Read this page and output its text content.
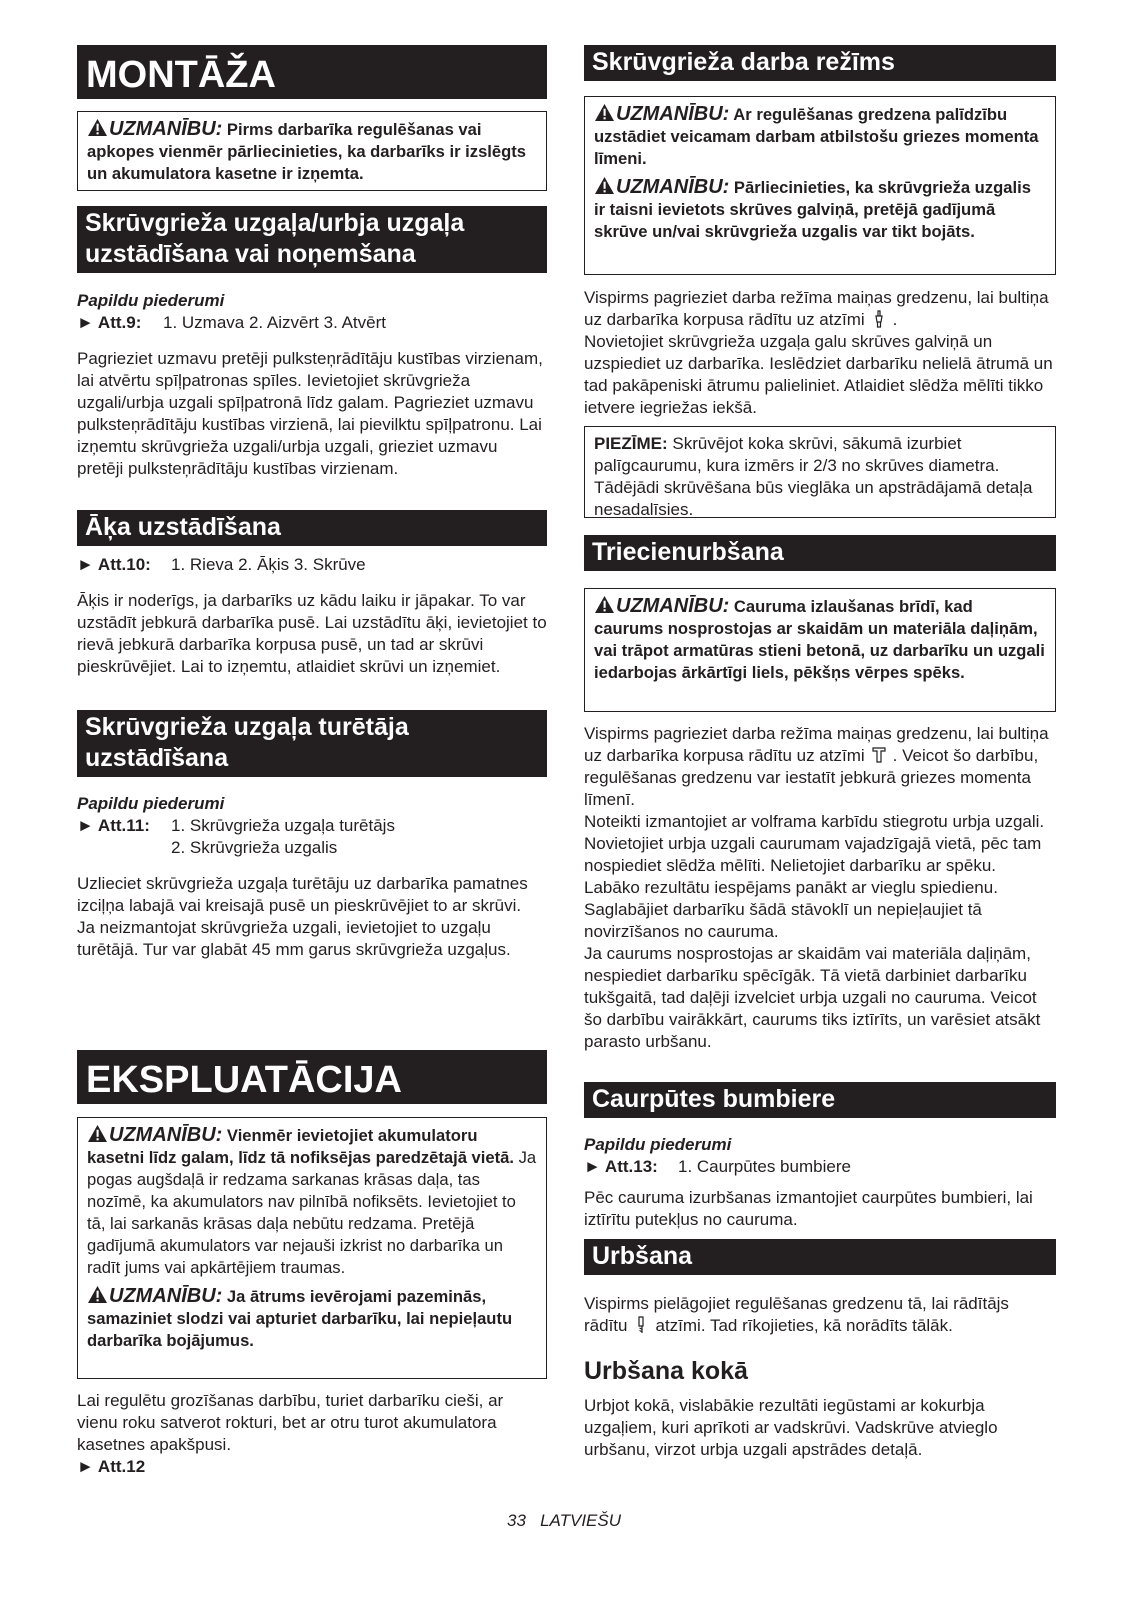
MONTĀŽA
UZMANĪBU: Pirms darbarīka regulēšanas vai apkopes vienmēr pārliecinieties, ka darbarīks ir izslēgts un akumulatora kasetne ir izņemta.
Skrūvgrieža uzgaļa/urbja uzgaļa uzstādīšana vai noņemšana

Papildu piederumi

► Att.9: 1. Uzmava 2. Aizvērt 3. Atvērt

Pagrieziet uzmavu pretēji pulksteņrādītāju kustības virzienam, lai atvērtu spīļpatronas spīles. Ievietojiet skrūvgrieža uzgali/urbja uzgali spīļpatronā līdz galam. Pagrieziet uzmavu pulksteņrādītāju kustības virzienā, lai pievilktu spīļpatronu. Lai izņemtu skrūvgrieža uzgali/urbja uzgali, grieziet uzmavu pretēji pulksteņrādītāju kustības virzienam.

Āķa uzstādīšana

► Att.10: 1. Rieva 2. Āķis 3. Skrūve

Āķis ir noderīgs, ja darbarīks uz kādu laiku ir jāpakar. To var uzstādīt jebkurā darbarīka pusē. Lai uzstādītu āķi, ievietojiet to rievā jebkurā darbarīka korpusa pusē, un tad ar skrūvi pieskrūvējiet. Lai to izņemtu, atlaidiet skrūvi un izņemiet.

Skrūvgrieža uzgaļa turētāja uzstādīšana

Papildu piederumi

► Att.11: 1. Skrūvgrieža uzgaļa turētājs

2. Skrūvgrieža uzgalis

Uzlieciet skrūvgrieža uzgaļa turētāju uz darbarīka pamatnes izciļņa labajā vai kreisajā pusē un pieskrūvējiet to ar skrūvi.

Ja neizmantojat skrūvgrieža uzgali, ievietojiet to uzgaļu turētājā. Tur var glabāt 45 mm garus skrūvgrieža uzgaļus.

EKSPLUATĀCIJA

UZMANĪBU: Vienmēr ievietojiet akumulatoru kasetni līdz galam, līdz tā nofiksējas paredzētajā vietā. Ja pogas augšdaļā ir redzama sarkanas krāsas daļa, tas nozīmē, ka akumulators nav pilnībā nofiksēts. Ievietojiet to tā, lai sarkanās krāsas daļa nebūtu redzama. Pretējā gadījumā akumulators var nejauši izkrist no darbarīka un radīt jums vai apkārtējiem traumas.

UZMANĪBU: Ja ātrums ievērojami pazeminās, samaziniet slodzi vai apturiet darbarīku, lai nepieļautu darbarīka bojājumus.

Lai regulētu grozīšanas darbību, turiet darbarīku cieši, ar vienu roku satverot rokturi, bet ar otru turot akumulatora kasetnes apakšpusi.

► Att.12

Skrūvgrieža darba režīms

UZMANĪBU: Ar regulēšanas gredzena palīdzību uzstādiet veicamam darbam atbilstošu griezes momenta līmeni.

UZMANĪBU: Pārliecinieties, ka skrūvgrieža uzgalis ir taisni ievietots skrūves galviņā, pretējā gadījumā skrūve un/vai skrūvgrieža uzgalis var tikt bojāts.

Vispirms pagrieziet darba režīma maiņas gredzenu, lai bultiņa uz darbarīka korpusa rādītu uz atzīmi .

Novietojiet skrūvgrieža uzgaļa galu skrūves galviņā un uzspiediet uz darbarīka. Ieslēdziet darbarīku nelielā ātrumā un tad pakāpeniski ātrumu palieliniet. Atlaidiet slēdža mēlīti tikko ietvere iegriežas iekšā.

PIEZĪME: Skrūvējot koka skrūvi, sākumā izurbiet palīgcaurumu, kura izmērs ir 2/3 no skrūves diametra. Tādējādi skrūvēšana būs vieglāka un apstrādājamā detaļa nesadalīsies.
Triecienurbšana
UZMANĪBU: Cauruma izlaušanas brīdī, kad caurums nosprostojas ar skaidām un materiāla daļiņām, vai trāpot armatūras stieni betonā, uz darbarīku un uzgali iedarbojas ārkārtīgi liels, pēkšņs vērpes spēks.

Vispirms pagrieziet darba režīma maiņas gredzenu, lai bultiņa uz darbarīka korpusa rādītu uz atzīmi . Veicot šo darbību, regulēšanas gredzenu var iestatīt jebkurā griezes momenta līmenī.

Noteikti izmantojiet ar volframa karbīdu stiegrotu urbja uzgali.

Novietojiet urbja uzgali caurumam vajadzīgajā vietā, pēc tam nospiediet slēdža mēlīti. Nelietojiet darbarīku ar spēku. Labāko rezultātu iespējams panākt ar vieglu spiedienu. Saglabājiet darbarīku šādā stāvoklī un nepieļaujiet tā novirzīšanos no cauruma.

Ja caurums nosprostojas ar skaidām vai materiāla daļiņām, nespiediet darbarīku spēcīgāk. Tā vietā darbiniet darbarīku tukšgaitā, tad daļēji izvelciet urbja uzgali no cauruma. Veicot šo darbību vairākkārt, caurums tiks iztīrīts, un varēsiet atsākt parasto urbšanu.

Caurpūtes bumbiere

Papildu piederumi

► Att.13: 1. Caurpūtes bumbiere

Pēc cauruma izurbšanas izmantojiet caurpūtes bumbieri, lai iztīrītu putekļus no cauruma.

Urbšana

Vispirms pielāgojiet regulēšanas gredzenu tā, lai rādītājs rādītu atzīmi. Tad rīkojieties, kā norādīts tālāk.

Urbšana kokā

Urbjot kokā, vislabākie rezultāti iegūstami ar kokurbja uzgaļiem, kuri aprīkoti ar vadskrūvi. Vadskrūve atvieglo urbšanu, virzot urbja uzgali apstrādes detaļā.

33 LATVIEŠU
